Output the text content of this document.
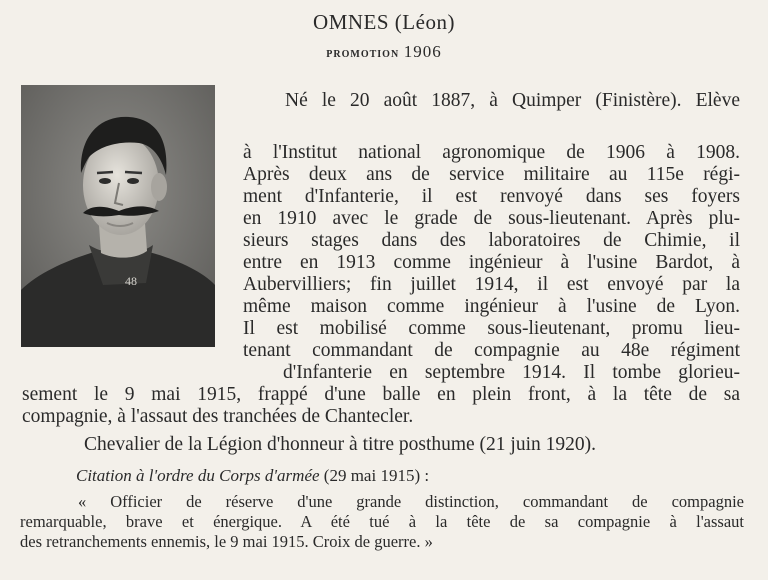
OMNES (Léon)
promotion 1906
48
Né le 20 août 1887, à Quimper (Finistère). Elève
à l'Institut national agronomique de 1906 à 1908.
Après deux ans de service militaire au 115e régi-
ment d'Infanterie, il est renvoyé dans ses foyers
en 1910 avec le grade de sous-lieutenant. Après plu-
sieurs stages dans des laboratoires de Chimie, il
entre en 1913 comme ingénieur à l'usine Bardot, à
Aubervilliers; fin juillet 1914, il est envoyé par la
même maison comme ingénieur à l'usine de Lyon.
Il est mobilisé comme sous-lieutenant, promu lieu-
tenant commandant de compagnie au 48e régiment
d'Infanterie en septembre 1914. Il tombe glorieu-
sement le 9 mai 1915, frappé d'une balle en plein front, à la tête de sa
compagnie, à l'assaut des tranchées de Chantecler.
Chevalier de la Légion d'honneur à titre posthume (21 juin 1920).
Citation à l'ordre du Corps d'armée (29 mai 1915) :
« Officier de réserve d'une grande distinction, commandant de compagnie
remarquable, brave et énergique. A été tué à la tête de sa compagnie à l'assaut
des retranchements ennemis, le 9 mai 1915. Croix de guerre. »
